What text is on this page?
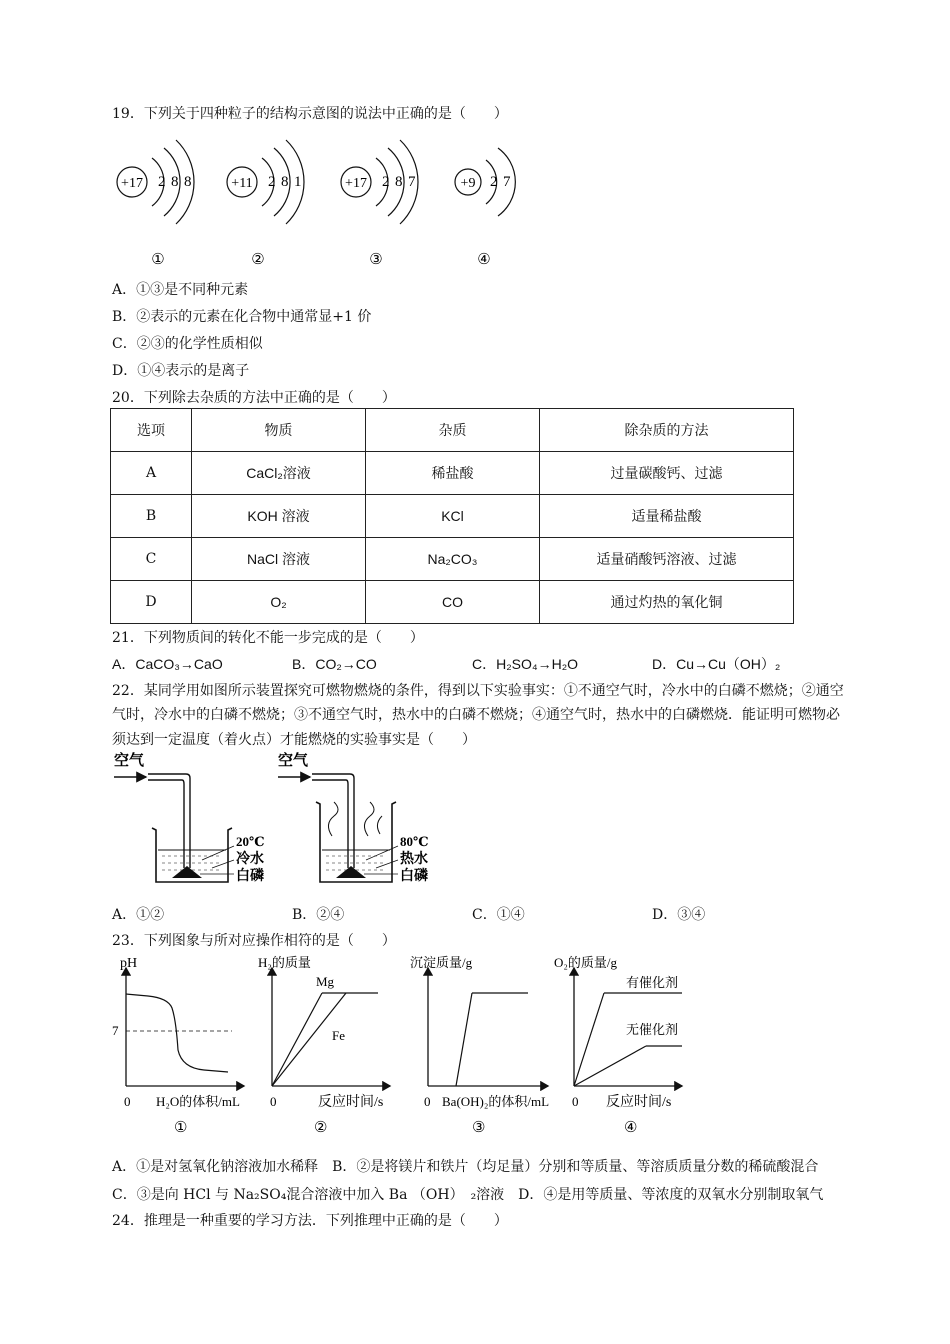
19．下列关于四种粒子的结构示意图的说法中正确的是（　　）
+17 2 8 8
①
+11 2 8 1
②
+17 2 8 7
③
+9 2 7
④
A．①③是不同种元素
B．②表示的元素在化合物中通常显+1 价
C．②③的化学性质相似
D．①④表示的是离子
20．下列除去杂质的方法中正确的是（　　）
选项	物质	杂质	除杂质的方法
A	CaCl₂溶液	稀盐酸	过量碳酸钙、过滤
B	KOH 溶液	KCl	适量稀盐酸
C	NaCl 溶液	Na₂CO₃	适量硝酸钙溶液、过滤
D	O₂	CO	通过灼热的氧化铜
21．下列物质间的转化不能一步完成的是（　　）
A．CaCO₃→CaO	B．CO₂→CO	C．H₂SO₄→H₂O	D．Cu→Cu（OH）₂
22．某同学用如图所示装置探究可燃物燃烧的条件，得到以下实验事实：①不通空气时，冷水中的白磷不燃烧；②通空
气时，冷水中的白磷不燃烧；③不通空气时，热水中的白磷不燃烧；④通空气时，热水中的白磷燃烧．能证明可燃物必
须达到一定温度（着火点）才能燃烧的实验事实是（　　）
空气
20℃
冷水
白磷
空气
80℃
热水
白磷
A．①②	B．②④	C．①④	D．③④
23．下列图象与所对应操作相符的是（　　）
pH
7
0 H₂O的体积/mL
①
H₂的质量
Mg
Fe
0	反应时间/s
②
沉淀质量/g
0 Ba(OH)₂的体积/mL
③
O₂的质量/g
有催化剂
无催化剂
0 反应时间/s
④
A．①是对氢氧化钠溶液加水稀释　B．②是将镁片和铁片（均足量）分别和等质量、等溶质质量分数的稀硫酸混合
C．③是向 HCl 与 Na₂SO₄混合溶液中加入 Ba （OH）　₂溶液　D．④是用等质量、等浓度的双氧水分别制取氧气
24．推理是一种重要的学习方法．下列推理中正确的是（　　）
